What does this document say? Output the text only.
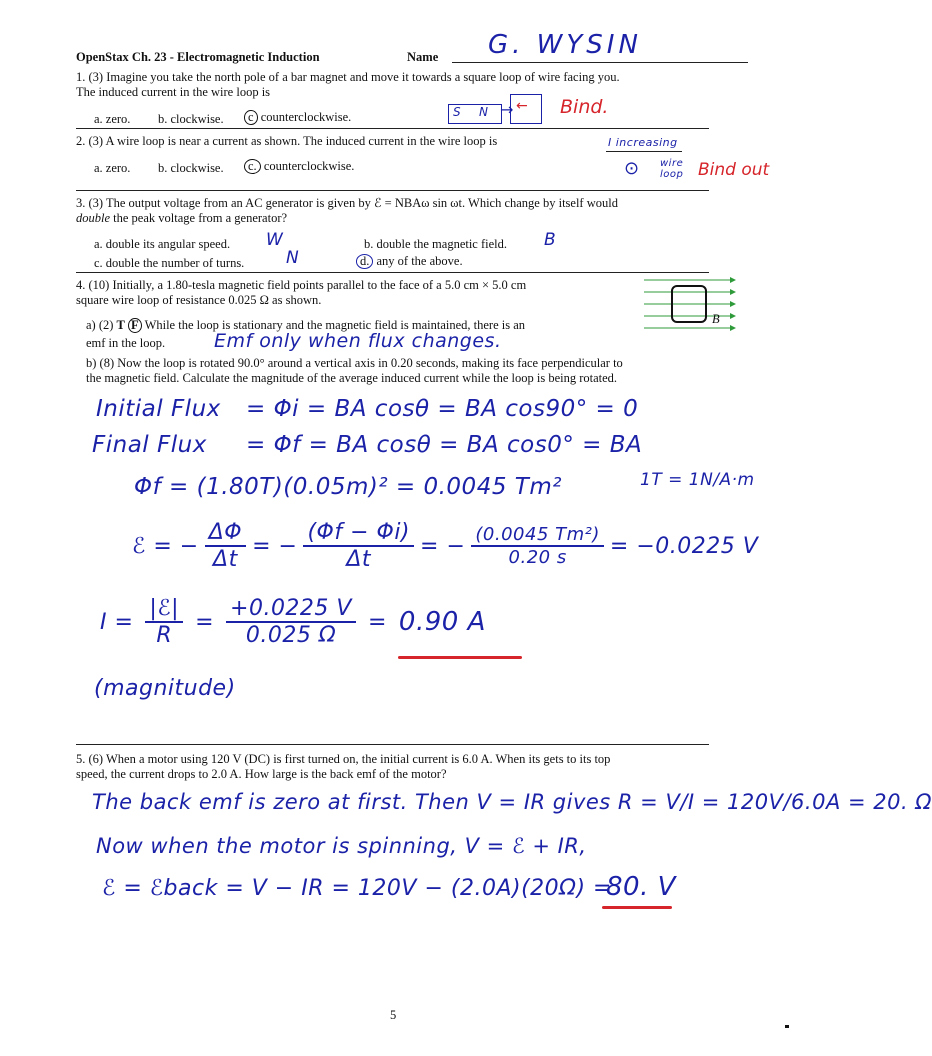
OpenStax Ch. 23 - Electromagnetic Induction	Name G. WYSIN
1. (3) Imagine you take the north pole of a bar magnet and move it towards a square loop of wire facing you.
The induced current in the wire loop is
a. zero. b. clockwise.	c counterclockwise.	S N → ← Bind.
2. (3) A wire loop is near a current as shown. The induced current in the wire loop is
a. zero. b. clockwise.	c. counterclockwise.
I increasing
⊙ wire
loop Bind out
3. (3) The output voltage from an AC generator is given by ℰ = NBAω sin ωt. Which change by itself would
double the peak voltage from a generator?
a. double its angular speed. W	b. double the magnetic field. B
c. double the number of turns. N	d. any of the above.
4. (10) Initially, a 1.80-tesla magnetic field points parallel to the face of a 5.0 cm × 5.0 cm
square wire loop of resistance 0.025 Ω as shown.
B
a) (2) T F While the loop is stationary and the magnetic field is maintained, there is an
emf in the loop.	Emf only when flux changes.
b) (8) Now the loop is rotated 90.0° around a vertical axis in 0.20 seconds, making its face perpendicular to
the magnetic field. Calculate the magnitude of the average induced current while the loop is being rotated.
Initial Flux = Φi = BA cosθ = BA cos90° = 0
Final Flux = Φf = BA cosθ = BA cos0° = BA
Φf = (1.80T)(0.05m)² = 0.0045 Tm²	1T = 1N/A·m
ℰ = − $\frac{\Delta\Phi}{\Delta t}$ = − $\frac{(\Phi f - \Phi i)}{\Delta t}$ = − $\frac{\text{(0.0045 Tm²)}}{0.20 s} = -0.0225$ V
$I = \frac{\text{|ℰ|}}{R} = \frac{+0.0225 V}{0.025 \Omega} = 0.90$ A
(magnitude)
5. (6) When a motor using 120 V (DC) is first turned on, the initial current is 6.0 A. When its gets to its top
speed, the current drops to 2.0 A. How large is the back emf of the motor?
The back emf is zero at first. Then V = IR gives R = V/I = 120V/6.0A = 20. Ω
Now when the motor is spinning, V = ℰ + IR,
ℰ = ℰback = V − IR = 120V − (2.0A)(20Ω) =
80. V
5
